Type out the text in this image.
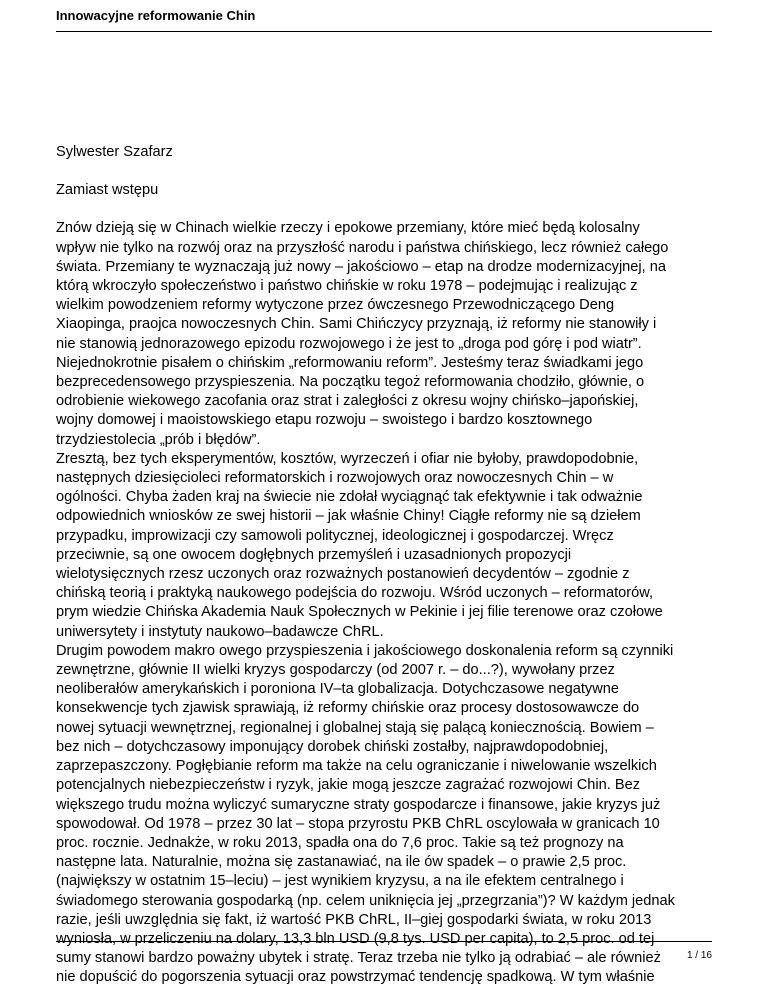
Innowacyjne reformowanie Chin

Sylwester Szafarz

Zamiast wstępu

Znów dzieją się w Chinach wielkie rzeczy i epokowe przemiany, które mieć będą kolosalny
wpływ nie tylko na rozwój oraz na przyszłość narodu i państwa chińskiego, lecz również całego
świata. Przemiany te wyznaczają już nowy – jakościowo – etap na drodze modernizacyjnej, na
którą wkroczyło społeczeństwo i państwo chińskie w roku 1978 – podejmując i realizując z
wielkim powodzeniem reformy wytyczone przez ówczesnego Przewodniczącego Deng
Xiaopinga, praojca nowoczesnych Chin. Sami Chińczycy przyznają, iż reformy nie stanowiły i
nie stanowią jednorazowego epizodu rozwojowego i że jest to „droga pod górę i pod wiatr”.
Niejednokrotnie pisałem o chińskim „reformowaniu reform”. Jesteśmy teraz świadkami jego
bezprecedensowego przyspieszenia. Na początku tegoż reformowania chodziło, głównie, o
odrobienie wiekowego zacofania oraz strat i zaległości z okresu wojny chińsko–japońskiej,
wojny domowej i maoistowskiego etapu rozwoju – swoistego i bardzo kosztownego
trzydziestolecia „prób i błędów”.
Zresztą, bez tych eksperymentów, kosztów, wyrzeczeń i ofiar nie byłoby, prawdopodobnie,
następnych dziesięcioleci reformatorskich i rozwojowych oraz nowoczesnych Chin – w
ogólności. Chyba żaden kraj na świecie nie zdołał wyciągnąć tak efektywnie i tak odważnie
odpowiednich wniosków ze swej historii – jak właśnie Chiny! Ciągłe reformy nie są dziełem
przypadku, improwizacji czy samowoli politycznej, ideologicznej i gospodarczej. Wręcz
przeciwnie, są one owocem dogłębnych przemyśleń i uzasadnionych propozycji
wielotysięcznych rzesz uczonych oraz rozważnych postanowień decydentów – zgodnie z
chińską teorią i praktyką naukowego podejścia do rozwoju. Wśród uczonych – reformatorów,
prym wiedzie Chińska Akademia Nauk Społecznych w Pekinie i jej filie terenowe oraz czołowe
uniwersytety i instytuty naukowo–badawcze ChRL.
Drugim powodem makro owego przyspieszenia i jakościowego doskonalenia reform są czynniki
zewnętrzne, głównie II wielki kryzys gospodarczy (od 2007 r. – do...?), wywołany przez
neoliberałów amerykańskich i poroniona IV–ta globalizacja. Dotychczasowe negatywne
konsekwencje tych zjawisk sprawiają, iż reformy chińskie oraz procesy dostosowawcze do
nowej sytuacji wewnętrznej, regionalnej i globalnej stają się palącą koniecznością. Bowiem –
bez nich – dotychczasowy imponujący dorobek chiński zostałby, najprawdopodobniej,
zaprzepaszczony. Pogłębianie reform ma także na celu ograniczanie i niwelowanie wszelkich
potencjalnych niebezpieczeństw i ryzyk, jakie mogą jeszcze zagrażać rozwojowi Chin. Bez
większego trudu można wyliczyć sumaryczne straty gospodarcze i finansowe, jakie kryzys już
spowodował. Od 1978 – przez 30 lat – stopa przyrostu PKB ChRL oscylowała w granicach 10
proc. rocznie. Jednakże, w roku 2013, spadła ona do 7,6 proc. Takie są też prognozy na
następne lata. Naturalnie, można się zastanawiać, na ile ów spadek – o prawie 2,5 proc.
(największy w ostatnim 15–leciu) – jest wynikiem kryzysu, a na ile efektem centralnego i
świadomego sterowania gospodarką (np. celem uniknięcia jej „przegrzania”)? W każdym jednak
razie, jeśli uwzględnia się fakt, iż wartość PKB ChRL, II–giej gospodarki świata, w roku 2013
wyniosła, w przeliczeniu na dolary, 13,3 bln USD (9,8 tys. USD per capita), to 2,5 proc. od tej
sumy stanowi bardzo poważny ubytek i stratę. Teraz trzeba nie tylko ją odrabiać – ale również
nie dopuścić do pogorszenia sytuacji oraz powstrzymać tendencję spadkową. W tym właśnie
1 / 16
